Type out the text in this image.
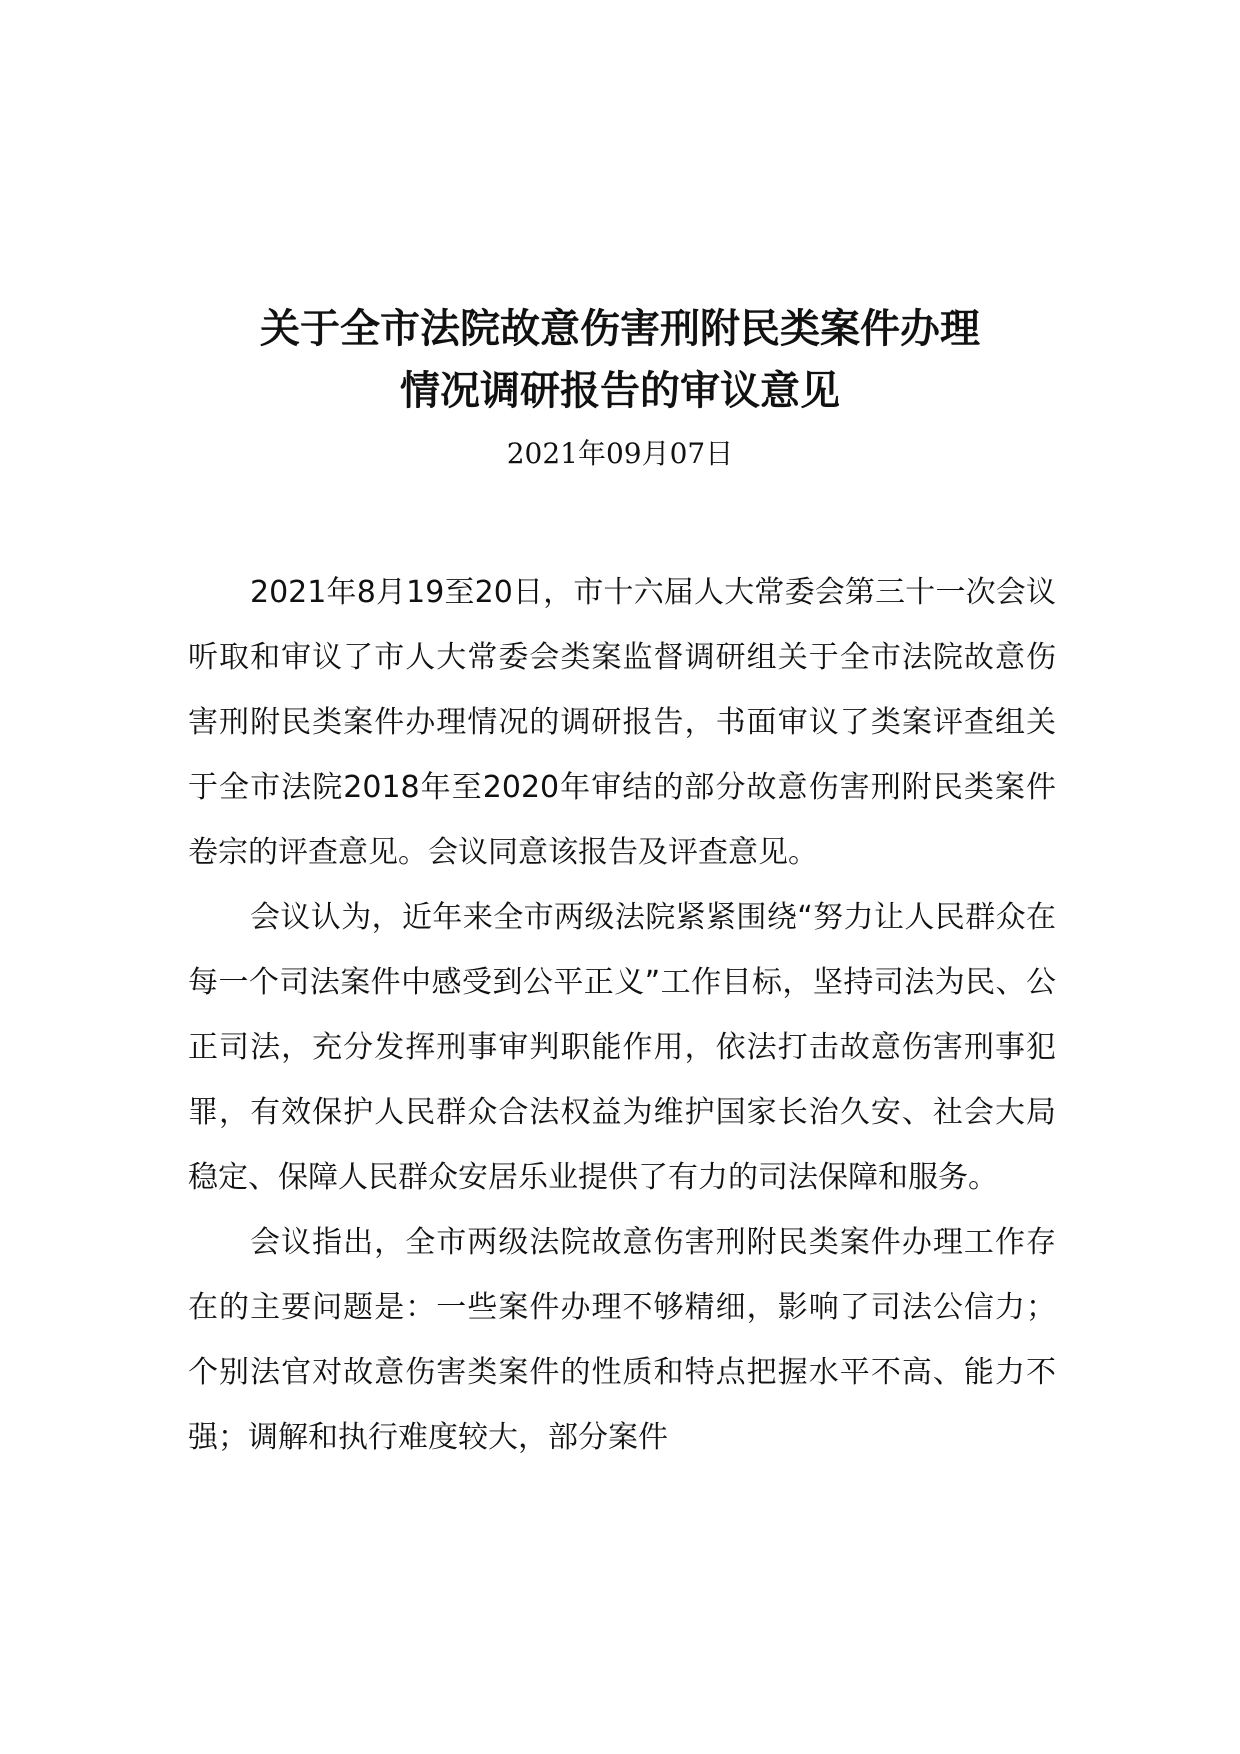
关于全市法院故意伤害刑附民类案件办理
情况调研报告的审议意见
2021年09月07日

2021年8月19至20日，市十六届人大常委会第三十一次会议听取和审议了市人大常委会类案监督调研组关于全市法院故意伤害刑附民类案件办理情况的调研报告，书面审议了类案评查组关于全市法院2018年至2020年审结的部分故意伤害刑附民类案件卷宗的评查意见。会议同意该报告及评查意见。

会议认为，近年来全市两级法院紧紧围绕“努力让人民群众在每一个司法案件中感受到公平正义”工作目标，坚持司法为民、公正司法，充分发挥刑事审判职能作用，依法打击故意伤害刑事犯罪，有效保护人民群众合法权益为维护国家长治久安、社会大局稳定、保障人民群众安居乐业提供了有力的司法保障和服务。

会议指出，全市两级法院故意伤害刑附民类案件办理工作存在的主要问题是：一些案件办理不够精细，影响了司法公信力；个别法官对故意伤害类案件的性质和特点把握水平不高、能力不强；调解和执行难度较大，部分案件
